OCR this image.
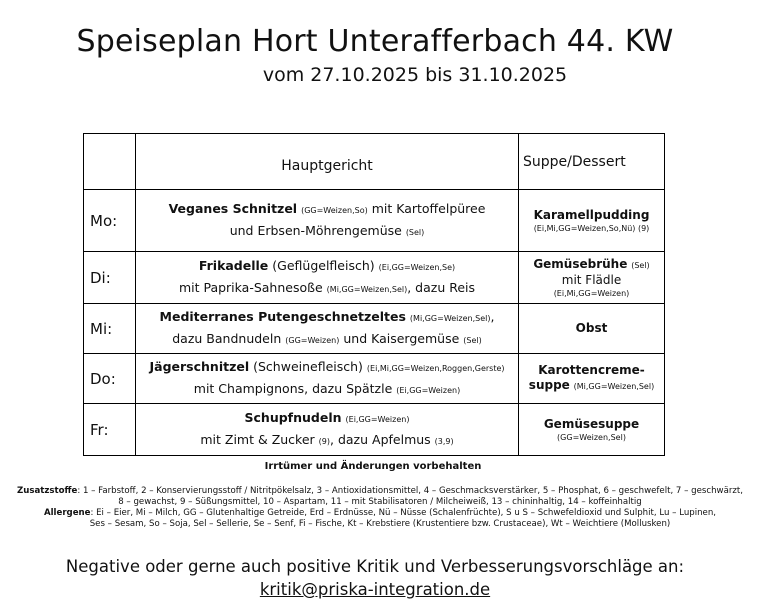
Speiseplan Hort Unterafferbach 44. KW
vom 27.10.2025 bis 31.10.2025
	Hauptgericht	Suppe/Dessert
Mo:	Veganes Schnitzel (GG=Weizen,So) mit Kartoffelpüree
und Erbsen-Möhrengemüse (Sel)	Karamellpudding
(Ei,Mi,GG=Weizen,So,Nü) (9)

Di:	Frikadelle (Geflügelfleisch) (Ei,GG=Weizen,Se)
mit Paprika-Sahnesoße (Mi,GG=Weizen,Sel), dazu Reis	Gemüsebrühe (Sel)
mit Flädle
(Ei,Mi,GG=Weizen)

Mi:	Mediterranes Putengeschnetzeltes (Mi,GG=Weizen,Sel),
dazu Bandnudeln (GG=Weizen) und Kaisergemüse (Sel)	Obst
Do:	Jägerschnitzel (Schweinefleisch) (Ei,Mi,GG=Weizen,Roggen,Gerste)
mit Champignons, dazu Spätzle (Ei,GG=Weizen)	Karottencreme-
suppe (Mi,GG=Weizen,Sel)
Fr:	Schupfnudeln (Ei,GG=Weizen)
mit Zimt & Zucker (9), dazu Apfelmus (3,9)	Gemüsesuppe
(GG=Weizen,Sel)
Irrtümer und Änderungen vorbehalten
Zusatzstoffe: 1 – Farbstoff, 2 – Konservierungsstoff / Nitritpökelsalz, 3 – Antioxidationsmittel, 4 – Geschmacksverstärker, 5 – Phosphat, 6 – geschwefelt, 7 – geschwärzt,
8 – gewachst, 9 – Süßungsmittel, 10 – Aspartam, 11 – mit Stabilisatoren / Milcheiweiß, 13 – chininhaltig, 14 – koffeinhaltig
Allergene: Ei – Eier, Mi – Milch, GG – Glutenhaltige Getreide, Erd – Erdnüsse, Nü – Nüsse (Schalenfrüchte), S u S – Schwefeldioxid und Sulphit, Lu – Lupinen,
Ses – Sesam, So – Soja, Sel – Sellerie, Se – Senf, Fi – Fische, Kt – Krebstiere (Krustentiere bzw. Crustaceae), Wt – Weichtiere (Mollusken)
Negative oder gerne auch positive Kritik und Verbesserungsvorschläge an:
kritik@priska-integration.de
